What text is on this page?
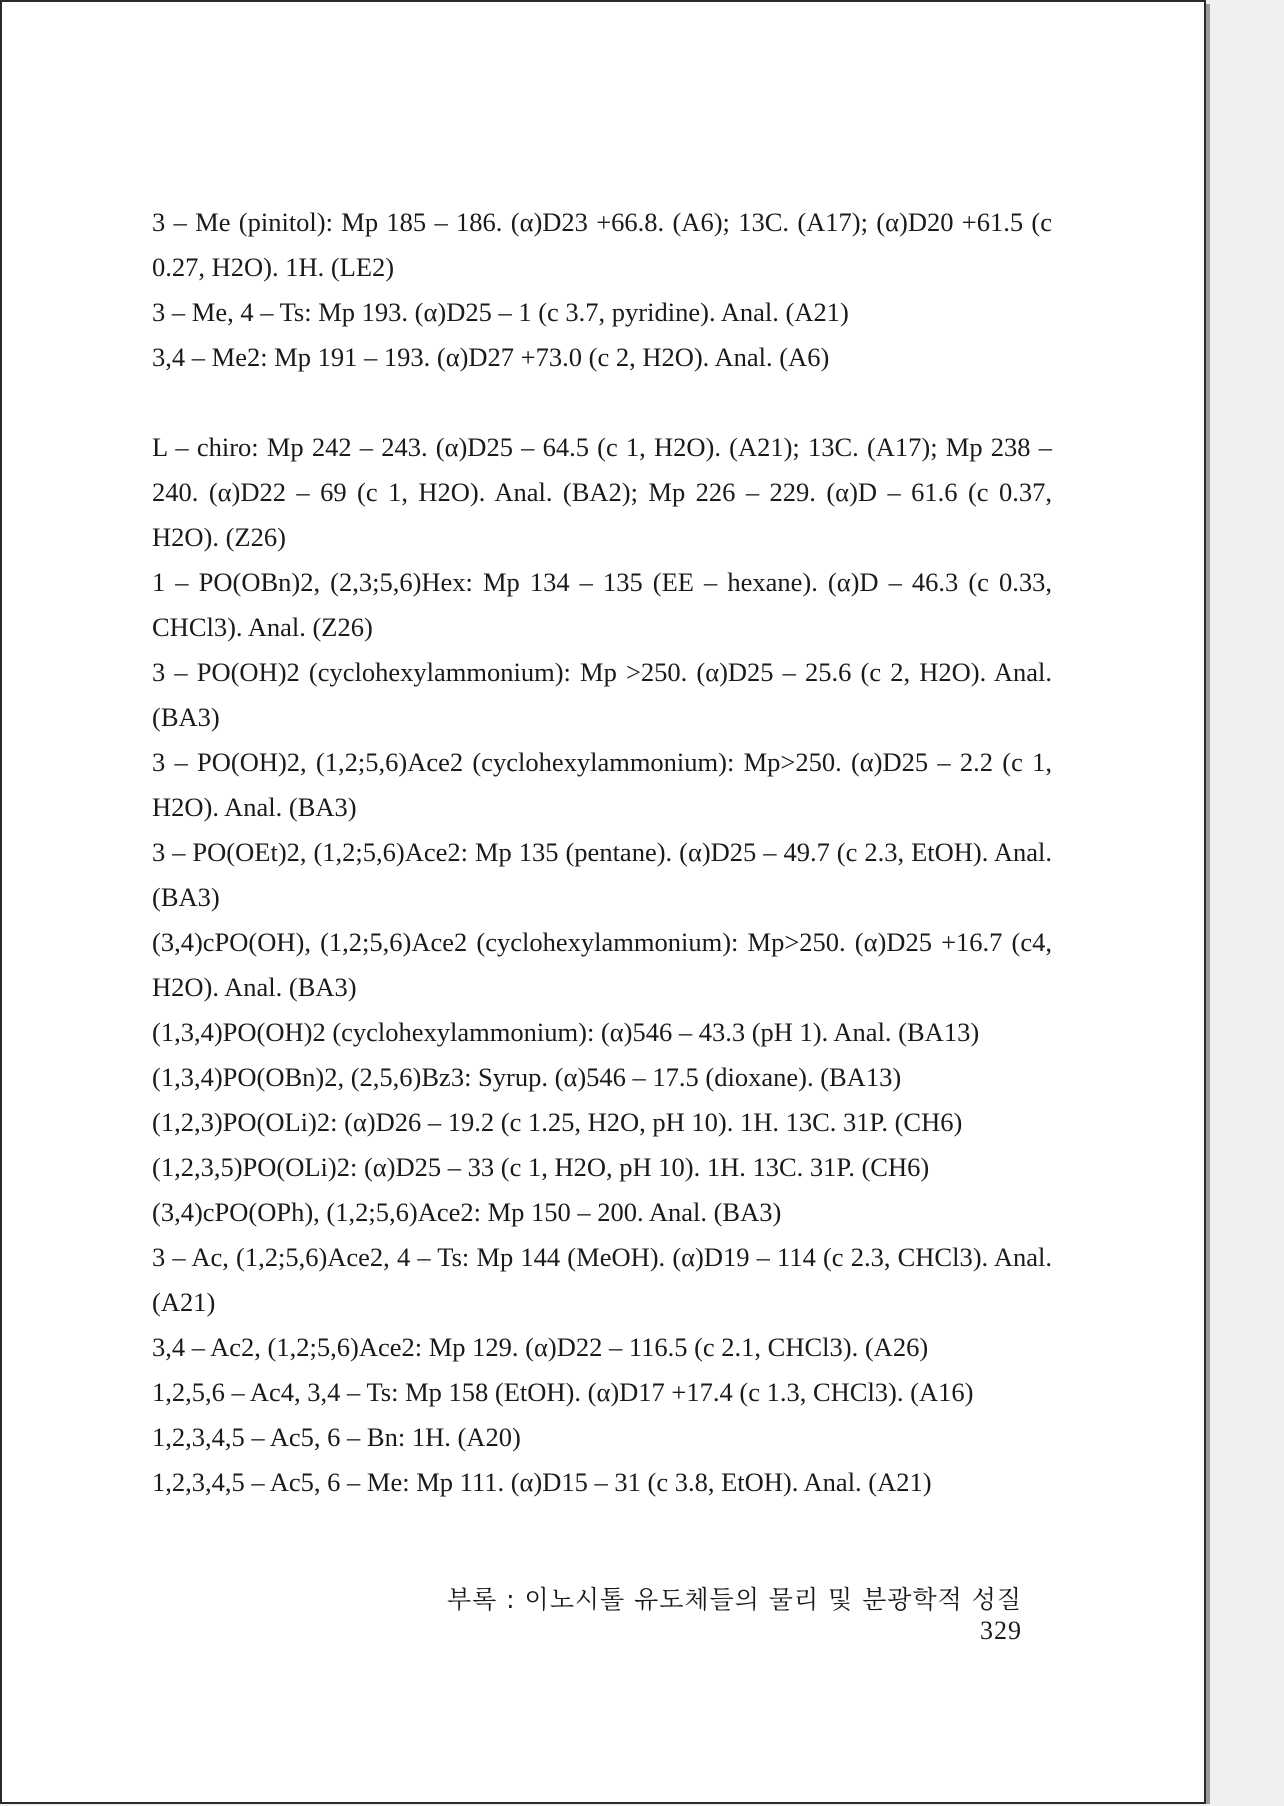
3 – Me (pinitol): Mp 185 – 186. (α)D23 +66.8. (A6); 13C. (A17); (α)D20 +61.5 (c 0.27, H2O). 1H. (LE2)

3 – Me, 4 – Ts: Mp 193. (α)D25 – 1 (c 3.7, pyridine). Anal. (A21)

3,4 – Me2: Mp 191 – 193. (α)D27 +73.0 (c 2, H2O). Anal. (A6)

L – chiro: Mp 242 – 243. (α)D25 – 64.5 (c 1, H2O). (A21); 13C. (A17); Mp 238 – 240. (α)D22 – 69 (c 1, H2O). Anal. (BA2); Mp 226 – 229. (α)D – 61.6 (c 0.37, H2O). (Z26)

1 – PO(OBn)2, (2,3;5,6)Hex: Mp 134 – 135 (EE – hexane). (α)D – 46.3 (c 0.33, CHCl3). Anal. (Z26)

3 – PO(OH)2 (cyclohexylammonium): Mp >250. (α)D25 – 25.6 (c 2, H2O). Anal. (BA3)

3 – PO(OH)2, (1,2;5,6)Ace2 (cyclohexylammonium): Mp>250. (α)D25 – 2.2 (c 1, H2O). Anal. (BA3)

3 – PO(OEt)2, (1,2;5,6)Ace2: Mp 135 (pentane). (α)D25 – 49.7 (c 2.3, EtOH). Anal. (BA3)

(3,4)cPO(OH), (1,2;5,6)Ace2 (cyclohexylammonium): Mp>250. (α)D25 +16.7 (c4, H2O). Anal. (BA3)

(1,3,4)PO(OH)2 (cyclohexylammonium): (α)546 – 43.3 (pH 1). Anal. (BA13)

(1,3,4)PO(OBn)2, (2,5,6)Bz3: Syrup. (α)546 – 17.5 (dioxane). (BA13)

(1,2,3)PO(OLi)2: (α)D26 – 19.2 (c 1.25, H2O, pH 10). 1H. 13C. 31P. (CH6)

(1,2,3,5)PO(OLi)2: (α)D25 – 33 (c 1, H2O, pH 10). 1H. 13C. 31P. (CH6)

(3,4)cPO(OPh), (1,2;5,6)Ace2: Mp 150 – 200. Anal. (BA3)

3 – Ac, (1,2;5,6)Ace2, 4 – Ts: Mp 144 (MeOH). (α)D19 – 114 (c 2.3, CHCl3). Anal. (A21)

3,4 – Ac2, (1,2;5,6)Ace2: Mp 129. (α)D22 – 116.5 (c 2.1, CHCl3). (A26)

1,2,5,6 – Ac4, 3,4 – Ts: Mp 158 (EtOH). (α)D17 +17.4 (c 1.3, CHCl3). (A16)

1,2,3,4,5 – Ac5, 6 – Bn: 1H. (A20)

1,2,3,4,5 – Ac5, 6 – Me: Mp 111. (α)D15 – 31 (c 3.8, EtOH). Anal. (A21)

부록 : 이노시톨 유도체들의 물리 및 분광학적 성질329
